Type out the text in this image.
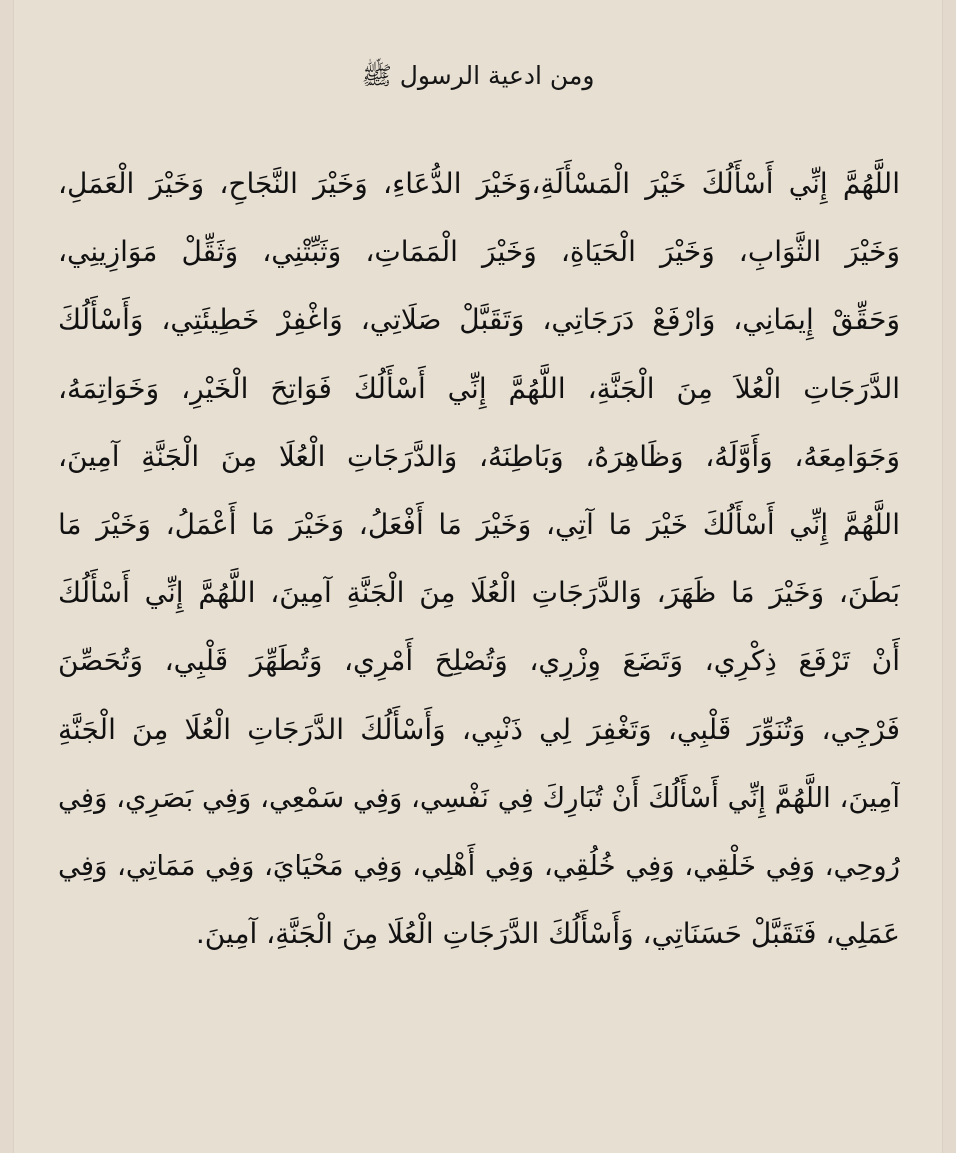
ومن ادعية الرسول ﷺ
اللَّهُمَّ إِنِّي أَسْأَلُكَ خَيْرَ الْمَسْأَلَةِ،وَخَيْرَ الدُّعَاءِ، وَخَيْرَ النَّجَاحِ، وَخَيْرَ الْعَمَلِ،
وَخَيْرَ الثَّوَابِ، وَخَيْرَ الْحَيَاةِ، وَخَيْرَ الْمَمَاتِ، وَثَبِّتْنِي، وَثَقِّلْ مَوَازِينِي،
وَحَقِّقْ إِيمَانِي، وَارْفَعْ دَرَجَاتِي، وَتَقَبَّلْ صَلَاتِي، وَاغْفِرْ خَطِيئَتِي، وَأَسْأَلُكَ
الدَّرَجَاتِ الْعُلاَ مِنَ الْجَنَّةِ، اللَّهُمَّ إِنِّي أَسْأَلُكَ فَوَاتِحَ الْخَيْرِ، وَخَوَاتِمَهُ،
وَجَوَامِعَهُ، وَأَوَّلَهُ، وَظَاهِرَهُ، وَبَاطِنَهُ، وَالدَّرَجَاتِ الْعُلَا مِنَ الْجَنَّةِ آمِينَ،
اللَّهُمَّ إِنِّي أَسْأَلُكَ خَيْرَ مَا آتِي، وَخَيْرَ مَا أَفْعَلُ، وَخَيْرَ مَا أَعْمَلُ، وَخَيْرَ مَا
بَطَنَ، وَخَيْرَ مَا ظَهَرَ، وَالدَّرَجَاتِ الْعُلَا مِنَ الْجَنَّةِ آمِينَ، اللَّهُمَّ إِنِّي أَسْأَلُكَ
أَنْ تَرْفَعَ ذِكْرِي، وَتَضَعَ وِزْرِي، وَتُصْلِحَ أَمْرِي، وَتُطَهِّرَ قَلْبِي، وَتُحَصِّنَ
فَرْجِي، وَتُنَوِّرَ قَلْبِي، وَتَغْفِرَ لِي ذَنْبِي، وَأَسْأَلُكَ الدَّرَجَاتِ الْعُلَا مِنَ الْجَنَّةِ
آمِينَ، اللَّهُمَّ إِنِّي أَسْأَلُكَ أَنْ تُبَارِكَ فِي نَفْسِي، وَفِي سَمْعِي، وَفِي بَصَرِي، وَفِي
رُوحِي، وَفِي خَلْقِي، وَفِي خُلُقِي، وَفِي أَهْلِي، وَفِي مَحْيَايَ، وَفِي مَمَاتِي، وَفِي
عَمَلِي، فَتَقَبَّلْ حَسَنَاتِي، وَأَسْأَلُكَ الدَّرَجَاتِ الْعُلَا مِنَ الْجَنَّةِ، آمِينَ.
